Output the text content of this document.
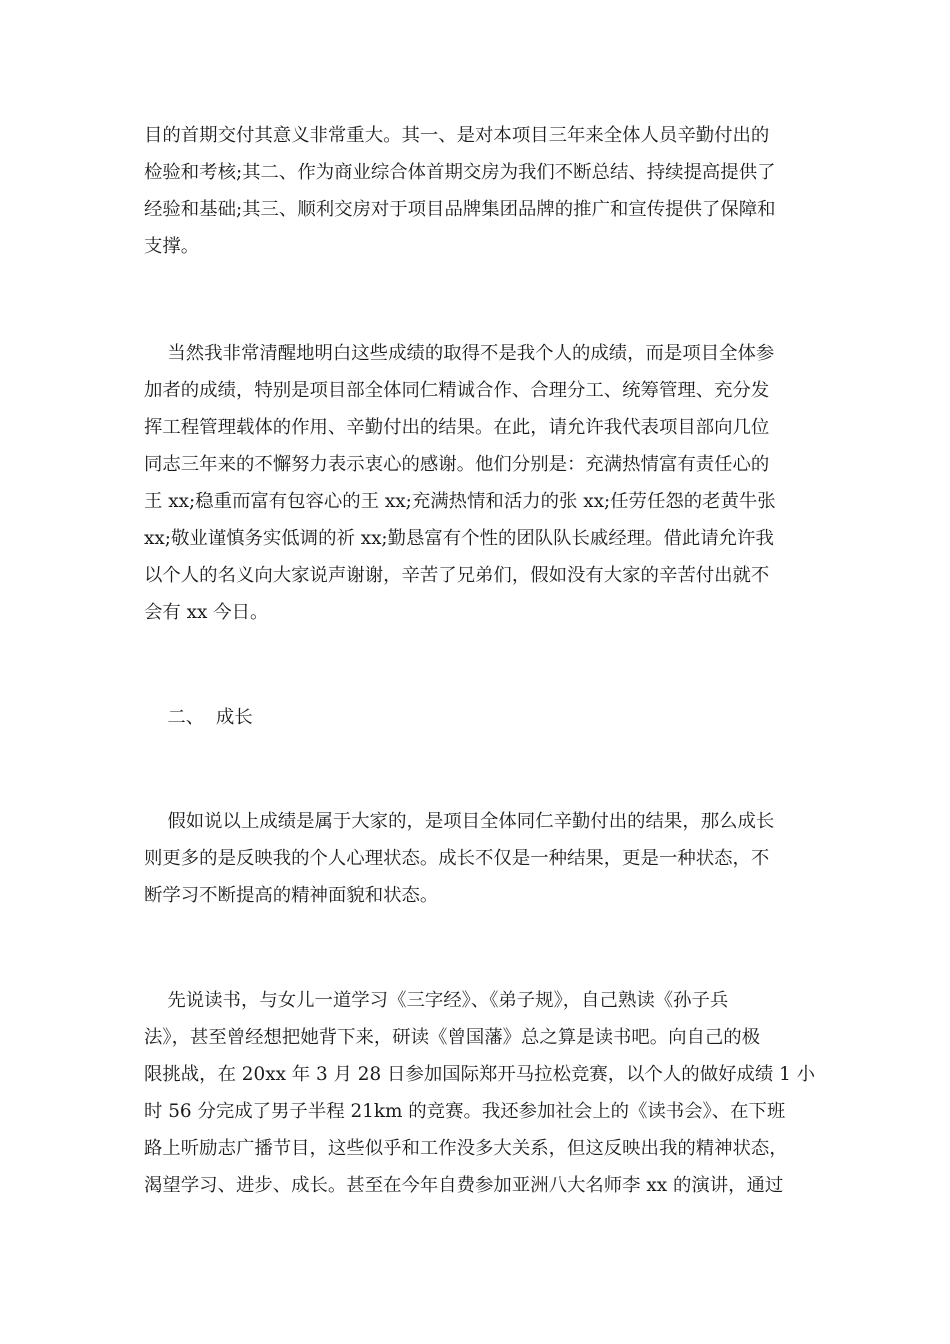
目的首期交付其意义非常重大。其一、是对本项目三年来全体人员辛勤付出的
检验和考核;其二、作为商业综合体首期交房为我们不断总结、持续提高提供了
经验和基础;其三、顺利交房对于项目品牌集团品牌的推广和宣传提供了保障和
支撑。
当然我非常清醒地明白这些成绩的取得不是我个人的成绩，而是项目全体参
加者的成绩，特别是项目部全体同仁精诚合作、合理分工、统筹管理、充分发
挥工程管理载体的作用、辛勤付出的结果。在此，请允许我代表项目部向几位
同志三年来的不懈努力表示衷心的感谢。他们分别是：充满热情富有责任心的
王 xx;稳重而富有包容心的王 xx;充满热情和活力的张 xx;任劳任怨的老黄牛张
xx;敬业谨慎务实低调的祈 xx;勤恳富有个性的团队队长戚经理。借此请允许我
以个人的名义向大家说声谢谢，辛苦了兄弟们，假如没有大家的辛苦付出就不
会有 xx 今日。
二、  成长
假如说以上成绩是属于大家的，是项目全体同仁辛勤付出的结果，那么成长
则更多的是反映我的个人心理状态。成长不仅是一种结果，更是一种状态，不
断学习不断提高的精神面貌和状态。
先说读书，与女儿一道学习《三字经》、《弟子规》，自己熟读《孙子兵
法》，甚至曾经想把她背下来，研读《曾国藩》总之算是读书吧。向自己的极
限挑战，在 20xx 年 3 月 28 日参加国际郑开马拉松竞赛，以个人的做好成绩 1 小
时 56 分完成了男子半程 21km 的竞赛。我还参加社会上的《读书会》、在下班
路上听励志广播节目，这些似乎和工作没多大关系，但这反映出我的精神状态，
渴望学习、进步、成长。甚至在今年自费参加亚洲八大名师李 xx 的演讲，通过
